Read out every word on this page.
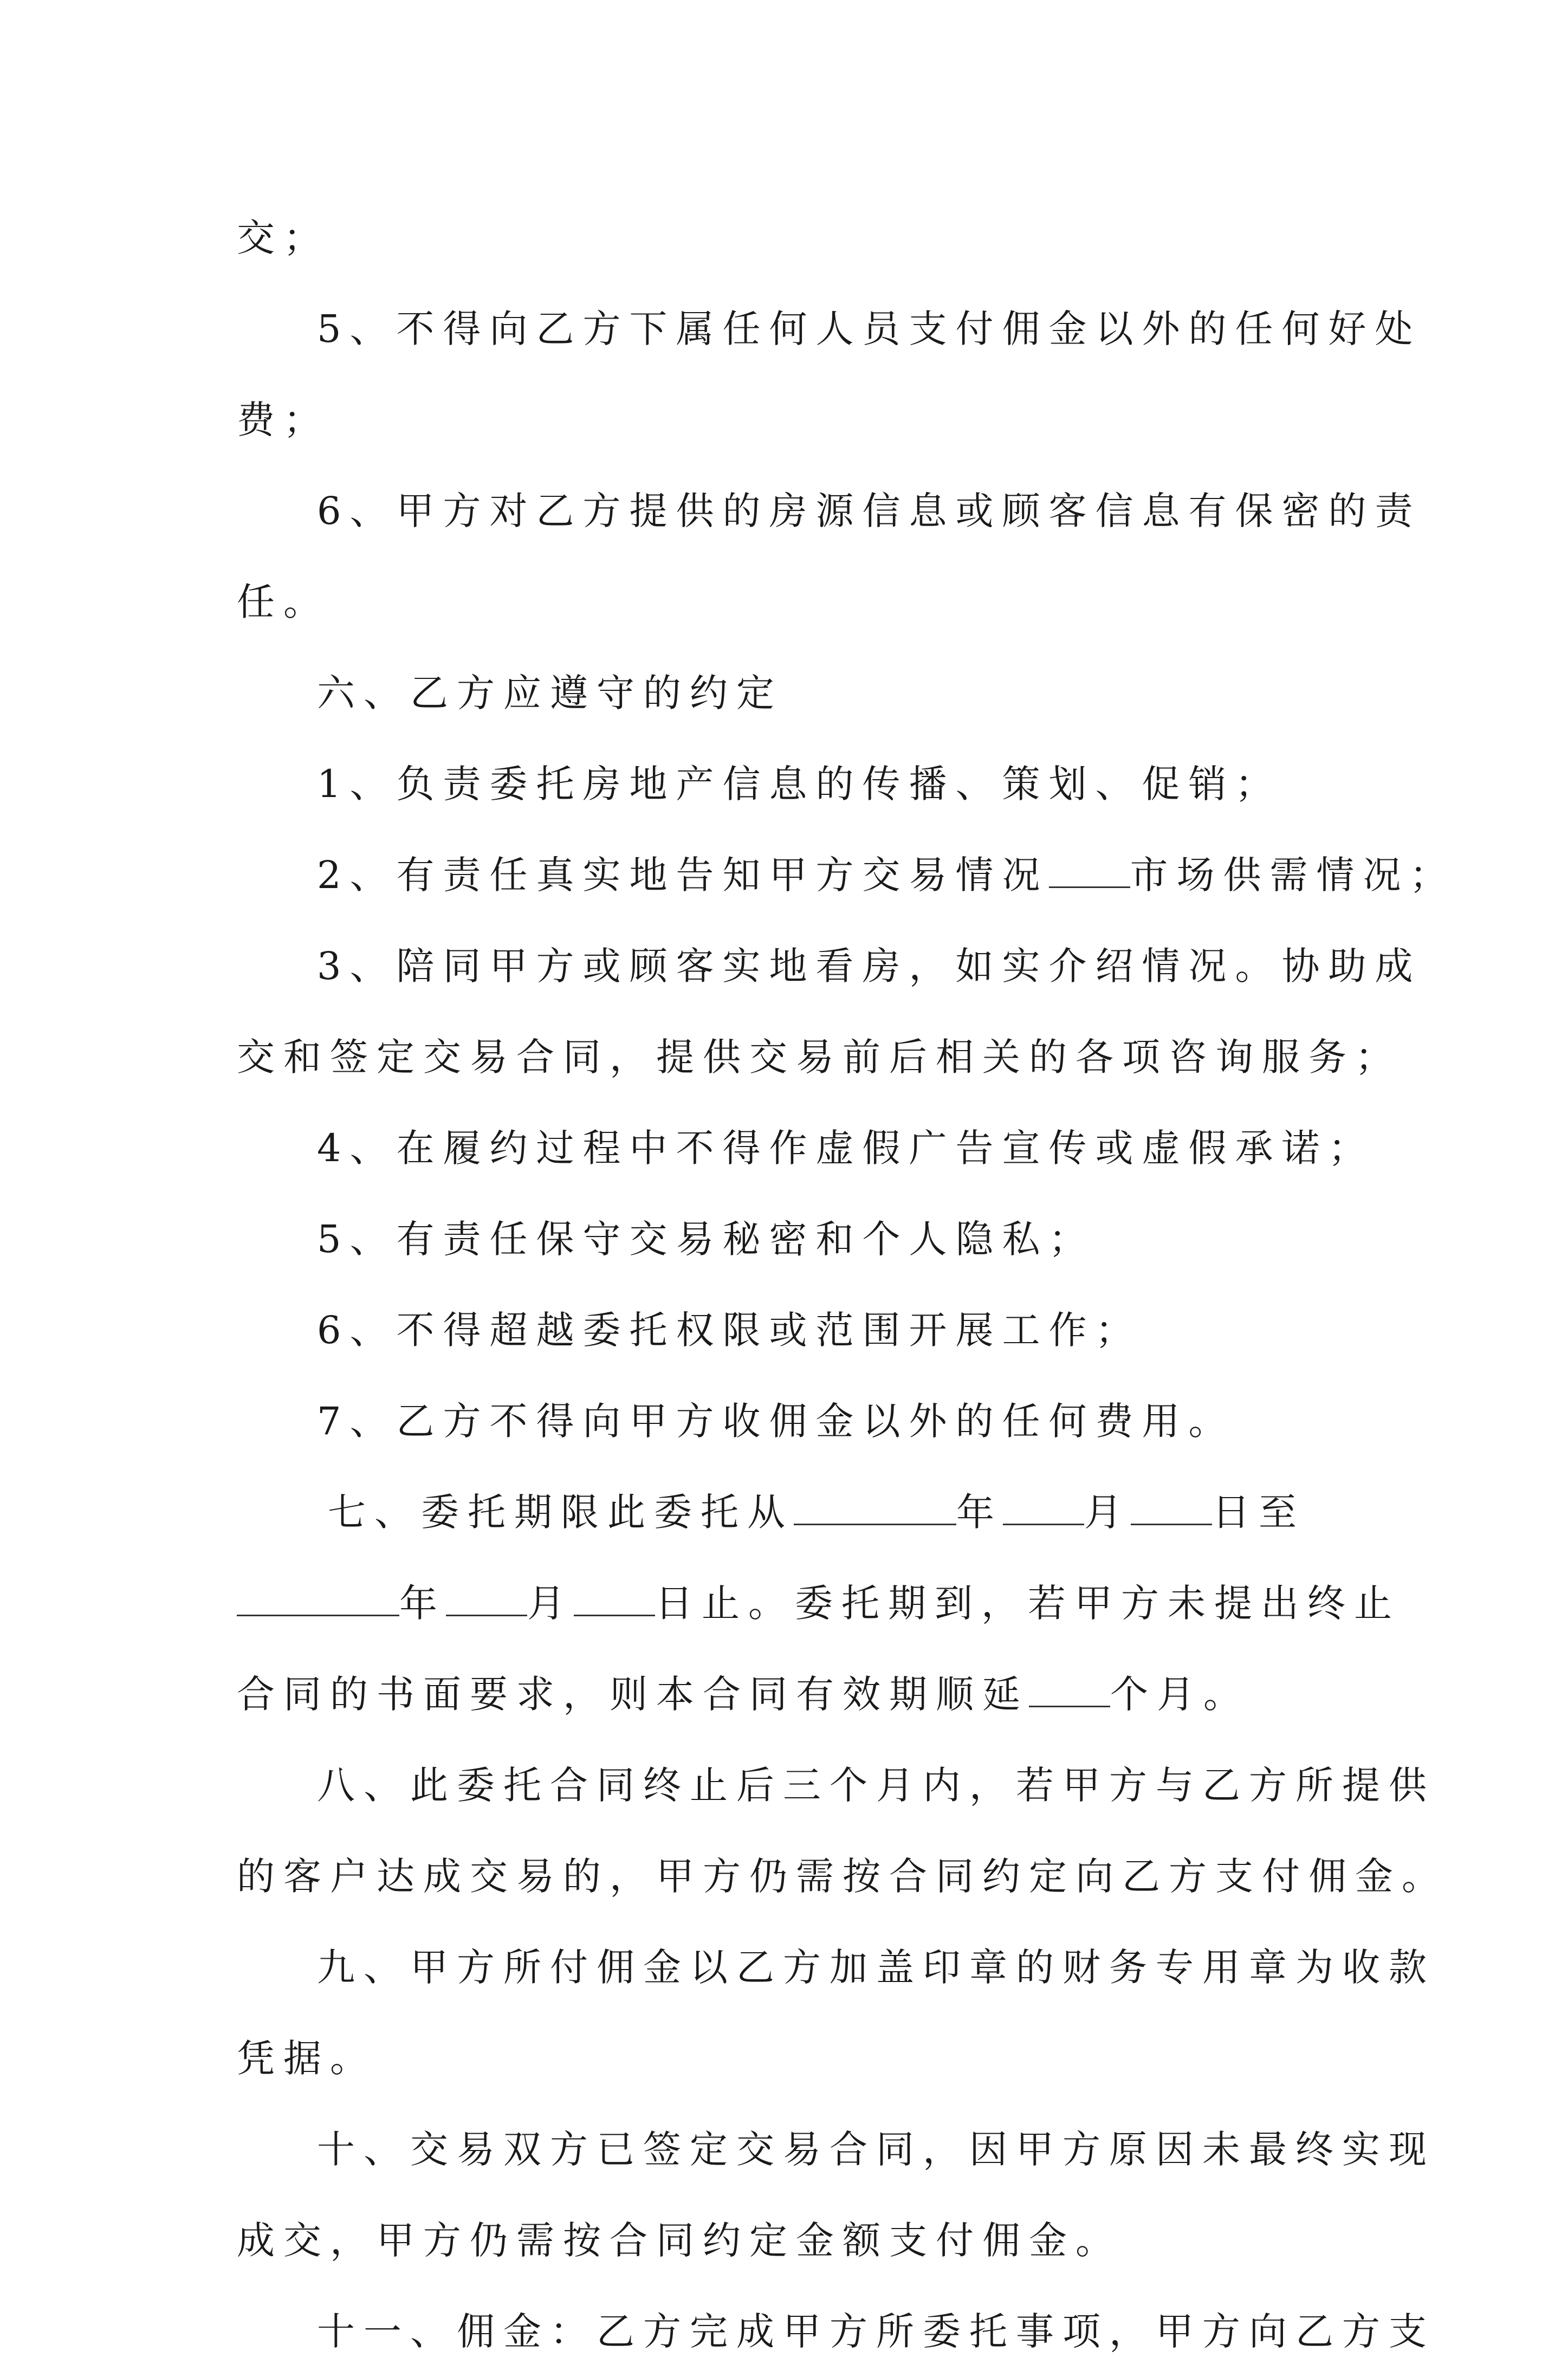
交；
5、不得向乙方下属任何人员支付佣金以外的任何好处
费；
6、甲方对乙方提供的房源信息或顾客信息有保密的责
任。
六、乙方应遵守的约定
1、负责委托房地产信息的传播、策划、促销；
2、有责任真实地告知甲方交易情况 市场供需情况；
3、陪同甲方或顾客实地看房，如实介绍情况。协助成
交和签定交易合同，提供交易前后相关的各项咨询服务；
4、在履约过程中不得作虚假广告宣传或虚假承诺；
5、有责任保守交易秘密和个人隐私；
6、不得超越委托权限或范围开展工作；
7、乙方不得向甲方收佣金以外的任何费用。
七、委托期限此委托从	年 月 日至
年 月 日止。委托期到，若甲方未提出终止
合同的书面要求，则本合同有效期顺延 个月。
八、此委托合同终止后三个月内，若甲方与乙方所提供
的客户达成交易的，甲方仍需按合同约定向乙方支付佣金。
九、甲方所付佣金以乙方加盖印章的财务专用章为收款
凭据。
十、交易双方已签定交易合同，因甲方原因未最终实现
成交，甲方仍需按合同约定金额支付佣金。
十一、佣金：乙方完成甲方所委托事项，甲方向乙方支
